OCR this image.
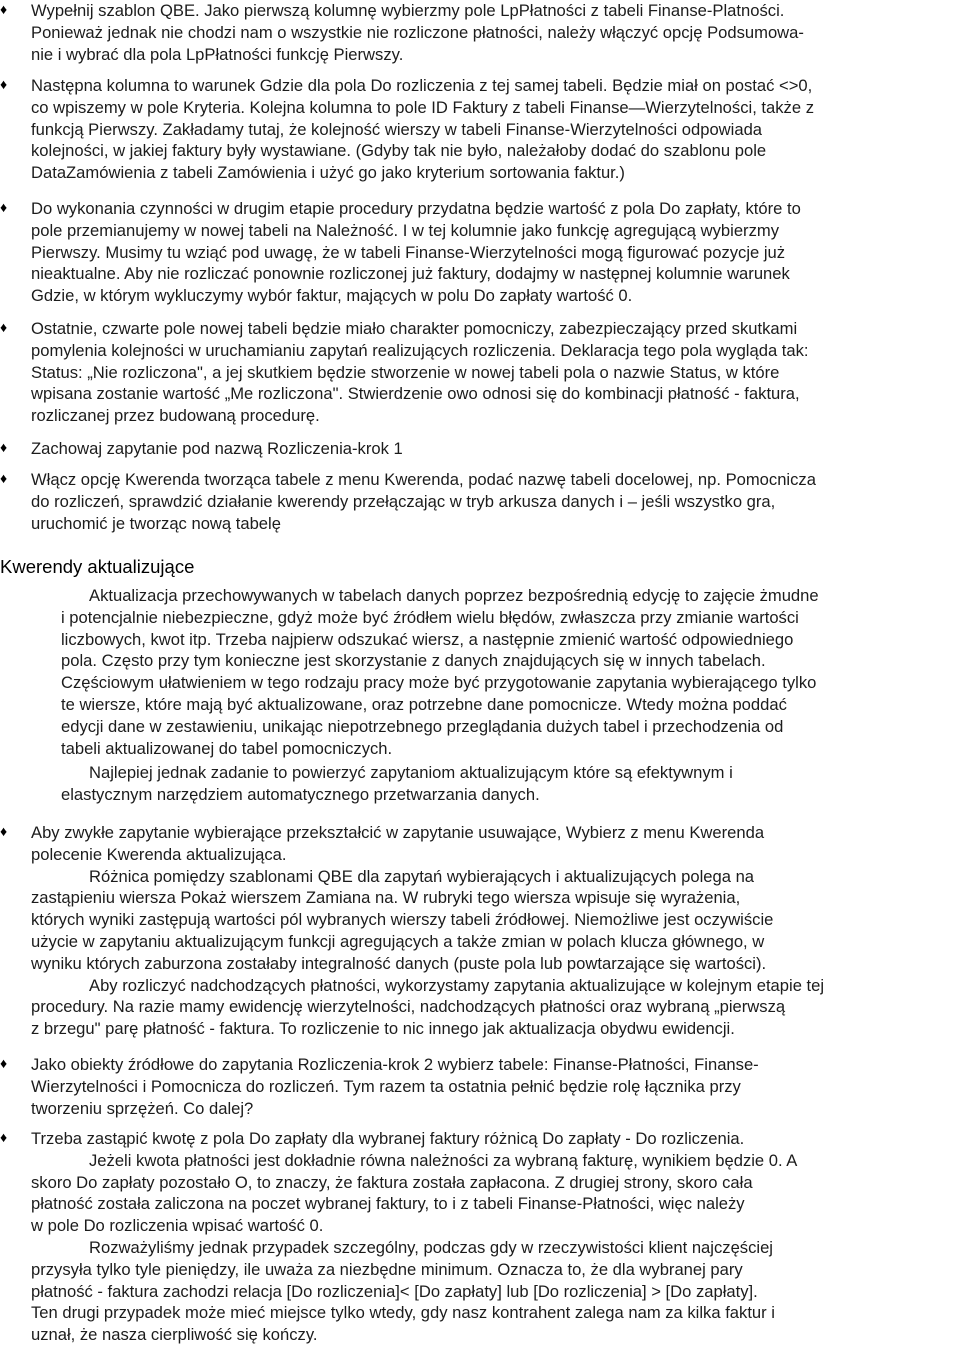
♦	Wypełnij szablon QBE. Jako pierwszą kolumnę wybierzmy pole LpPłatności z tabeli Finanse-Platności.
Ponieważ jednak nie chodzi nam o wszystkie nie rozliczone płatności, należy włączyć opcję Podsumowa-
nie i wybrać dla pola LpPłatności funkcję Pierwszy.
♦	Następna kolumna to warunek Gdzie dla pola Do rozliczenia z tej samej tabeli. Będzie miał on postać <>0,
co wpiszemy w pole Kryteria. Kolejna kolumna to pole ID Faktury z tabeli Finanse—Wierzytelności, także z
funkcją Pierwszy. Zakładamy tutaj, że kolejność wierszy w tabeli Finanse-Wierzytelności odpowiada
kolejności, w jakiej faktury były wystawiane. (Gdyby tak nie było, należałoby dodać do szablonu pole
DataZamówienia z tabeli Zamówienia i użyć go jako kryterium sortowania faktur.)
♦	Do wykonania czynności w drugim etapie procedury przydatna będzie wartość z pola Do zapłaty, które to
pole przemianujemy w nowej tabeli na Należność. I w tej kolumnie jako funkcję agregującą wybierzmy
Pierwszy. Musimy tu wziąć pod uwagę, że w tabeli Finanse-Wierzytelności mogą figurować pozycje już
nieaktualne. Aby nie rozliczać ponownie rozliczonej już faktury, dodajmy w następnej kolumnie warunek
Gdzie, w którym wykluczymy wybór faktur, mających w polu Do zapłaty wartość 0.
♦	Ostatnie, czwarte pole nowej tabeli będzie miało charakter pomocniczy, zabezpieczający przed skutkami
pomylenia kolejności w uruchamianiu zapytań realizujących rozliczenia. Deklaracja tego pola wygląda tak:
Status: „Nie rozliczona", a jej skutkiem będzie stworzenie w nowej tabeli pola o nazwie Status, w które
wpisana zostanie wartość „Me rozliczona". Stwierdzenie owo odnosi się do kombinacji płatność - faktura,
rozliczanej przez budowaną procedurę.
♦	Zachowaj zapytanie pod nazwą Rozliczenia-krok 1
♦	Włącz opcję Kwerenda tworząca tabele z menu Kwerenda, podać nazwę tabeli docelowej, np. Pomocnicza
do rozliczeń, sprawdzić działanie kwerendy przełączając w tryb arkusza danych i – jeśli wszystko gra,
uruchomić je tworząc nową tabelę
Kwerendy aktualizujące
Aktualizacja przechowywanych w tabelach danych poprzez bezpośrednią edycję to zajęcie żmudne
i potencjalnie niebezpieczne, gdyż może być źródłem wielu błędów, zwłaszcza przy zmianie wartości
liczbowych, kwot itp. Trzeba najpierw odszukać wiersz, a następnie zmienić wartość odpowiedniego
pola. Często przy tym konieczne jest skorzystanie z danych znajdujących się w innych tabelach.
Częściowym ułatwieniem w tego rodzaju pracy może być przygotowanie zapytania wybierającego tylko
te wiersze, które mają być aktualizowane, oraz potrzebne dane pomocnicze. Wtedy można poddać
edycji dane w zestawieniu, unikając niepotrzebnego przeglądania dużych tabel i przechodzenia od
tabeli aktualizowanej do tabel pomocniczych.
Najlepiej jednak zadanie to powierzyć zapytaniom aktualizującym które są efektywnym i
elastycznym narzędziem automatycznego przetwarzania danych.
♦	Aby zwykłe zapytanie wybierające przekształcić w zapytanie usuwające, Wybierz z menu Kwerenda
polecenie Kwerenda aktualizująca.
Różnica pomiędzy szablonami QBE dla zapytań wybierających i aktualizujących polega na
zastąpieniu wiersza Pokaż wierszem Zamiana na. W rubryki tego wiersza wpisuje się wyrażenia,
których wyniki zastępują wartości pól wybranych wierszy tabeli źródłowej. Niemożliwe jest oczywiście
użycie w zapytaniu aktualizującym funkcji agregujących a także zmian w polach klucza głównego, w
wyniku których zaburzona zostałaby integralność danych (puste pola lub powtarzające się wartości).
Aby rozliczyć nadchodzących płatności, wykorzystamy zapytania aktualizujące w kolejnym etapie tej
procedury. Na razie mamy ewidencję wierzytelności, nadchodzących płatności oraz wybraną „pierwszą
z brzegu" parę płatność - faktura. To rozliczenie to nic innego jak aktualizacja obydwu ewidencji.
♦	Jako obiekty źródłowe do zapytania Rozliczenia-krok 2 wybierz tabele: Finanse-Płatności, Finanse-
Wierzytelności i Pomocnicza do rozliczeń. Tym razem ta ostatnia pełnić będzie rolę łącznika przy
tworzeniu sprzężeń. Co dalej?
♦	Trzeba zastąpić kwotę z pola Do zapłaty dla wybranej faktury różnicą Do zapłaty - Do rozliczenia.
Jeżeli kwota płatności jest dokładnie równa należności za wybraną fakturę, wynikiem będzie 0. A
skoro Do zapłaty pozostało O, to znaczy, że faktura została zapłacona. Z drugiej strony, skoro cała
płatność została zaliczona na poczet wybranej faktury, to i z tabeli Finanse-Płatności, więc należy
w pole Do rozliczenia wpisać wartość 0.
Rozważyliśmy jednak przypadek szczególny, podczas gdy w rzeczywistości klient najczęściej
przysyła tylko tyle pieniędzy, ile uważa za niezbędne minimum. Oznacza to, że dla wybranej pary
płatność - faktura zachodzi relacja [Do rozliczenia]< [Do zapłaty] lub [Do rozliczenia] > [Do zapłaty].
Ten drugi przypadek może mieć miejsce tylko wtedy, gdy nasz kontrahent zalega nam za kilka faktur i
uznał, że nasza cierpliwość się kończy.
